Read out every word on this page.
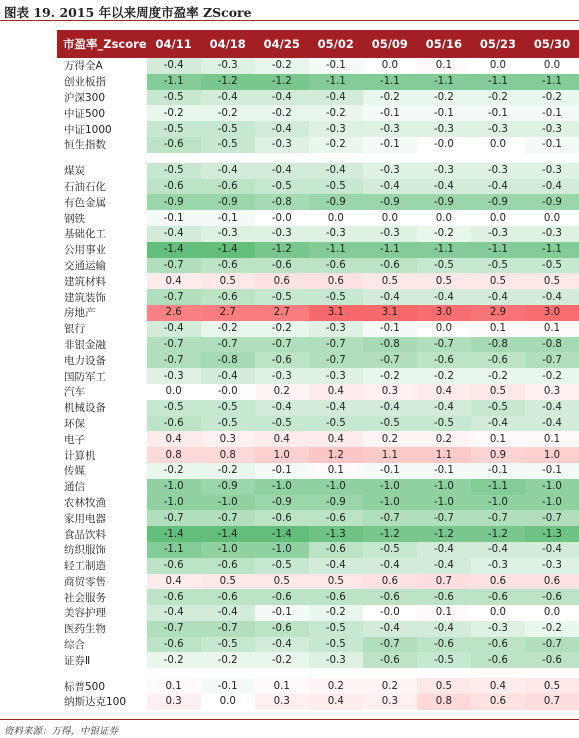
图表 19. 2015 年以来周度市盈率 ZScore
市盈率_Zscore	04/11	04/18	04/25	05/02	05/09	05/16	05/23	05/30
万得全A	-0.4	-0.3	-0.2	-0.1	0.0	0.1	0.0	0.0
创业板指	-1.1	-1.2	-1.2	-1.1	-1.1	-1.1	-1.1	-1.1
沪深300	-0.5	-0.4	-0.4	-0.4	-0.2	-0.2	-0.2	-0.2
中证500	-0.2	-0.2	-0.2	-0.2	-0.1	-0.1	-0.1	-0.1
中证1000	-0.5	-0.5	-0.4	-0.3	-0.3	-0.3	-0.3	-0.3
恒生指数	-0.6	-0.5	-0.3	-0.2	-0.1	-0.0	0.0	-0.1

煤炭	-0.5	-0.4	-0.4	-0.4	-0.3	-0.3	-0.3	-0.3
石油石化	-0.6	-0.6	-0.5	-0.5	-0.4	-0.4	-0.4	-0.4
有色金属	-0.9	-0.9	-0.8	-0.9	-0.9	-0.9	-0.9	-0.9
钢铁	-0.1	-0.1	-0.0	0.0	0.0	0.0	0.0	0.0
基础化工	-0.4	-0.3	-0.3	-0.3	-0.3	-0.2	-0.3	-0.3
公用事业	-1.4	-1.4	-1.2	-1.1	-1.1	-1.1	-1.1	-1.1
交通运输	-0.7	-0.6	-0.6	-0.6	-0.6	-0.5	-0.5	-0.5
建筑材料	0.4	0.5	0.6	0.6	0.5	0.5	0.5	0.5
建筑装饰	-0.7	-0.6	-0.5	-0.5	-0.4	-0.4	-0.4	-0.4
房地产	2.6	2.7	2.7	3.1	3.1	3.0	2.9	3.0
银行	-0.4	-0.2	-0.2	-0.3	-0.1	0.0	0.1	0.1
非银金融	-0.7	-0.7	-0.7	-0.7	-0.8	-0.7	-0.8	-0.8
电力设备	-0.7	-0.8	-0.6	-0.7	-0.7	-0.6	-0.6	-0.7
国防军工	-0.3	-0.4	-0.3	-0.3	-0.2	-0.2	-0.2	-0.2
汽车	0.0	-0.0	0.2	0.4	0.3	0.4	0.5	0.3
机械设备	-0.5	-0.5	-0.4	-0.4	-0.4	-0.4	-0.5	-0.4
环保	-0.6	-0.5	-0.5	-0.5	-0.5	-0.5	-0.4	-0.4
电子	0.4	0.3	0.4	0.4	0.2	0.2	0.1	0.1
计算机	0.8	0.8	1.0	1.2	1.1	1.1	0.9	1.0
传媒	-0.2	-0.2	-0.1	0.1	-0.1	-0.1	-0.1	-0.1
通信	-1.0	-0.9	-1.0	-1.0	-1.0	-1.0	-1.1	-1.0
农林牧渔	-1.0	-1.0	-0.9	-0.9	-1.0	-1.0	-1.0	-1.0
家用电器	-0.7	-0.7	-0.6	-0.6	-0.7	-0.7	-0.7	-0.7
食品饮料	-1.4	-1.4	-1.4	-1.3	-1.2	-1.2	-1.2	-1.3
纺织服饰	-1.1	-1.0	-1.0	-0.6	-0.5	-0.4	-0.4	-0.4
轻工制造	-0.6	-0.6	-0.5	-0.4	-0.4	-0.4	-0.3	-0.3
商贸零售	0.4	0.5	0.5	0.5	0.6	0.7	0.6	0.6
社会服务	-0.6	-0.6	-0.6	-0.6	-0.6	-0.6	-0.6	-0.6
美容护理	-0.4	-0.4	-0.1	-0.2	-0.0	0.1	0.0	0.0
医药生物	-0.7	-0.7	-0.6	-0.5	-0.4	-0.4	-0.3	-0.2
综合	-0.6	-0.5	-0.4	-0.5	-0.7	-0.6	-0.6	-0.7
证券Ⅱ	-0.2	-0.2	-0.2	-0.3	-0.6	-0.5	-0.6	-0.6

标普500	0.1	-0.1	0.1	0.2	0.2	0.5	0.4	0.5
纳斯达克100	0.3	0.0	0.3	0.4	0.3	0.8	0.6	0.7
资料来源：万得，中银证券
